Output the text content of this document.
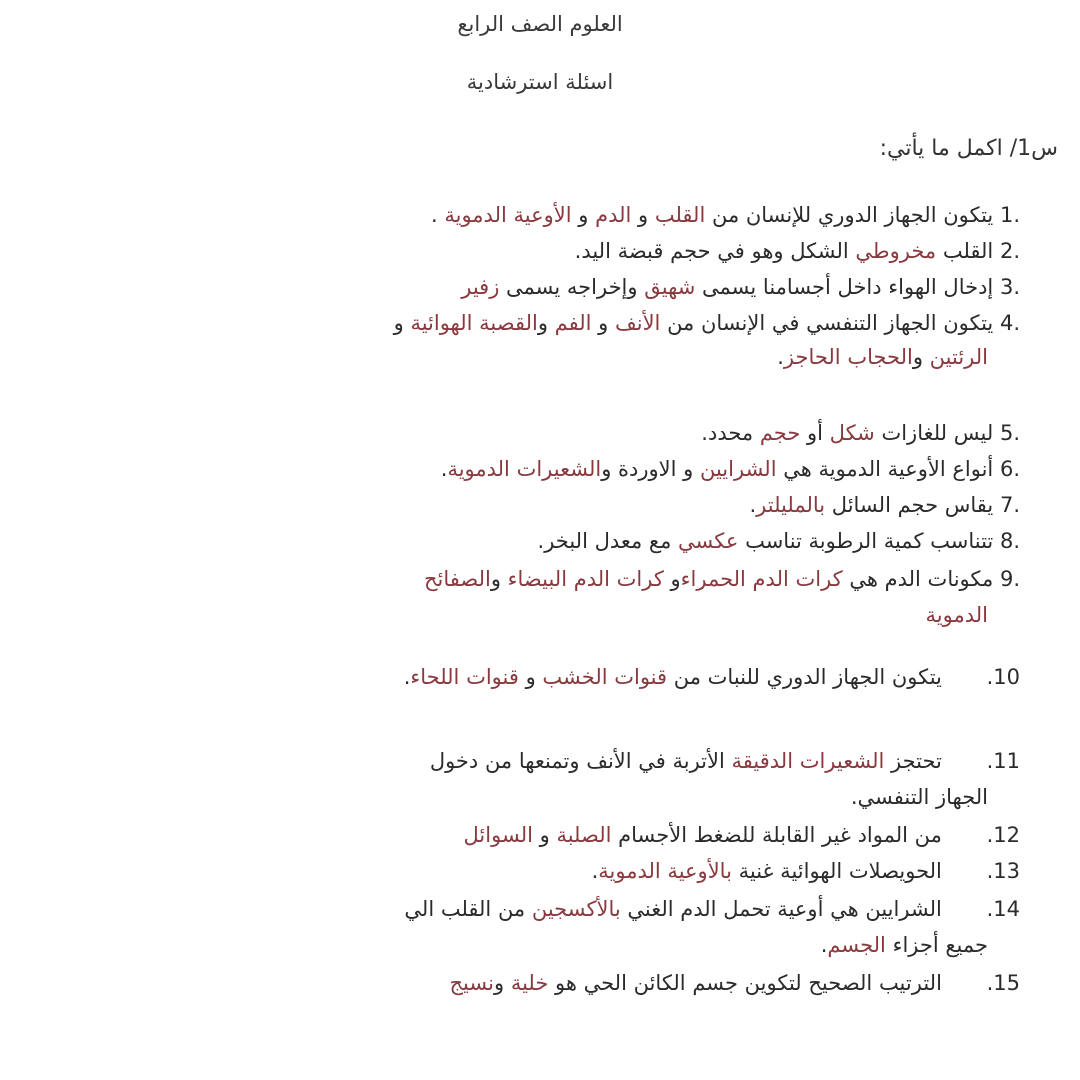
العلوم الصف الرابع
اسئلة استرشادية
س1/ اكمل ما يأتي:
1. يتكون الجهاز الدوري للإنسان من القلب و الدم و الأوعية الدموية .
2. القلب مخروطي الشكل وهو في حجم قبضة اليد.
3. إدخال الهواء داخل أجسامنا يسمى شهيق وإخراجه يسمى زفير
4. يتكون الجهاز التنفسي في الإنسان من الأنف و الفم والقصبة الهوائية و
الرئتين والحجاب الحاجز.
5. ليس للغازات شكل أو حجم محدد.
6. أنواع الأوعية الدموية هي الشرايين و الاوردة والشعيرات الدموية.
7. يقاس حجم السائل بالمليلتر.
8. تتناسب كمية الرطوبة تناسب عكسي مع معدل البخر.
9. مكونات الدم هي كرات الدم الحمراءو كرات الدم البيضاء والصفائح
الدموية
.10 يتكون الجهاز الدوري للنبات من قنوات الخشب و قنوات اللحاء.
.11 تحتجز الشعيرات الدقيقة الأتربة في الأنف وتمنعها من دخول
الجهاز التنفسي.
.12 من المواد غير القابلة للضغط الأجسام الصلبة و السوائل
.13 الحويصلات الهوائية غنية بالأوعية الدموية.
.14 الشرايين هي أوعية تحمل الدم الغني بالأكسجين من القلب الي
جميع أجزاء الجسم.
.15 الترتيب الصحيح لتكوين جسم الكائن الحي هو خلية ونسيج
